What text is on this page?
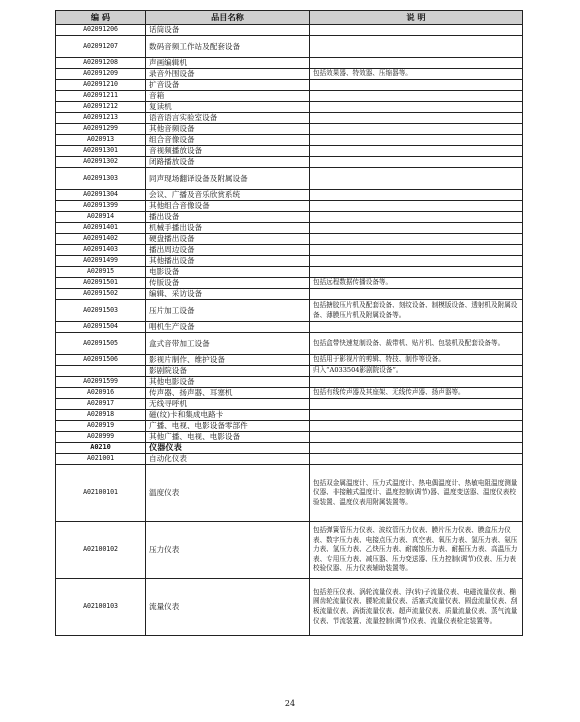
编 码	品目名称	说 明
A02091206	话筒设备	
A02091207	数码音频工作站及配套设备	
A02091208	声画编辑机	
A02091209	录音外围设备	包括效果器、特效器、压缩器等。
A02091210	扩音设备	
A02091211	音箱	
A02091212	复读机	
A02091213	语音语言实验室设备	
A02091299	其他音频设备	
A020913	组合音像设备	
A02091301	音视频播放设备	
A02091302	闭路播放设备	
A02091303	同声现场翻译设备及附属设备	
A02091304	会议、广播及音乐欣赏系统	
A02091399	其他组合音像设备	
A020914	播出设备	
A02091401	机械手播出设备	
A02091402	硬盘播出设备	
A02091403	播出周边设备	
A02091499	其他播出设备	
A020915	电影设备	
A02091501	传版设备	包括远程数据传播设备等。
A02091502	编辑、采访设备	
A02091503	压片加工设备	包括搪胶压片机及配套设备、刻纹设备、制模版设备、透射机及附属设备、薄膜压片机及附属设备等。
A02091504	唱机生产设备	
A02091505	盒式音带加工设备	包括盒带快速复制设备、裁带机、贴片机、包装机及配套设备等。
A02091506	影视片制作、维护设备	包括用于影视片的剪辑、特技、制作等设备。
	影剧院设备	归入“A033504影剧院设备”。
A02091599	其他电影设备	
A020916	传声器、扬声器、耳塞机	包括有线传声器及其座架、无线传声器、扬声器等。
A020917	无线寻呼机	
A020918	磁(纹)卡和集成电路卡	
A020919	广播、电视、电影设备零部件	
A020999	其他广播、电视、电影设备	
A0210	仪器仪表	
A021001	自动化仪表	
A02100101	温度仪表	包括双金属温度计、压力式温度计、热电偶温度计、热敏电阻温度测量仪器、非接触式温度计、温度控制(调节)器、温度变送器、温度仪表校验装置、温度仪表用附属装置等。
A02100102	压力仪表	包括弹簧管压力仪表、波纹管压力仪表、膜片压力仪表、膜盒压力仪表、数字压力表、电接点压力表、真空表、氧压力表、氢压力表、氨压力表、氢压力表、乙炔压力表、耐腐蚀压力表、耐振压力表、高温压力表、专用压力表、减压器、压力变送器、压力控制(调节)仪表、压力表校验仪器、压力仪表辅助装置等。
A02100103	流量仪表	包括差压仪表、涡轮流量仪表、浮(转)子流量仪表、电磁流量仪表、椭圆齿轮流量仪表、腰轮流量仪表、活塞式流量仪表、圆盘流量仪表、刮板流量仪表、涡街流量仪表、超声流量仪表、质量流量仪表、蒸气流量仪表、节流装置、流量控制(调节)仪表、流量仪表检定装置等。
24
